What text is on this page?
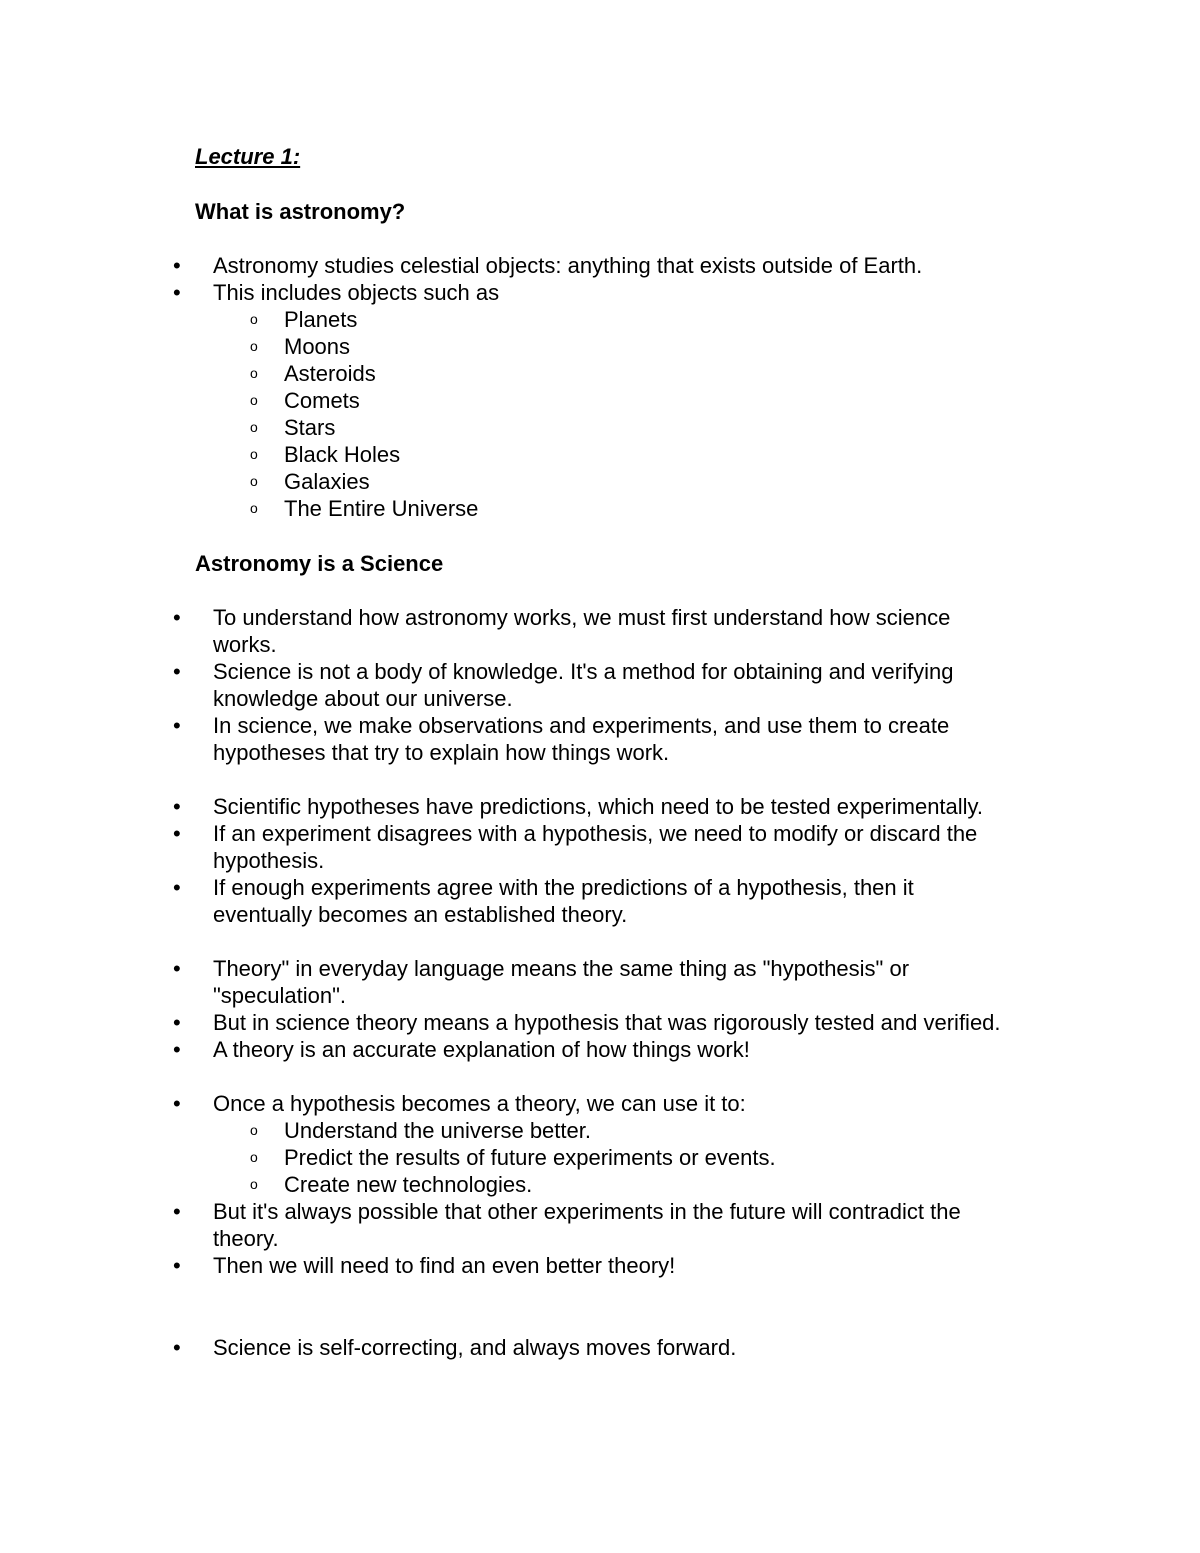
Lecture 1:
What is astronomy?
• Astronomy studies celestial objects: anything that exists outside of Earth.
• This includes objects such as
o Planets
o Moons
o Asteroids
o Comets
o Stars
o Black Holes
o Galaxies
o The Entire Universe
Astronomy is a Science
• To understand how astronomy works, we must first understand how science
works.
• Science is not a body of knowledge. It's a method for obtaining and verifying
knowledge about our universe.
• In science, we make observations and experiments, and use them to create
hypotheses that try to explain how things work.
• Scientific hypotheses have predictions, which need to be tested experimentally.
• If an experiment disagrees with a hypothesis, we need to modify or discard the
hypothesis.
• If enough experiments agree with the predictions of a hypothesis, then it
eventually becomes an established theory.
• Theory" in everyday language means the same thing as "hypothesis" or
"speculation".
• But in science theory means a hypothesis that was rigorously tested and verified.
• A theory is an accurate explanation of how things work!
• Once a hypothesis becomes a theory, we can use it to:
o Understand the universe better.
o Predict the results of future experiments or events.
o Create new technologies.
• But it's always possible that other experiments in the future will contradict the
theory.
• Then we will need to find an even better theory!
• Science is self-correcting, and always moves forward.
